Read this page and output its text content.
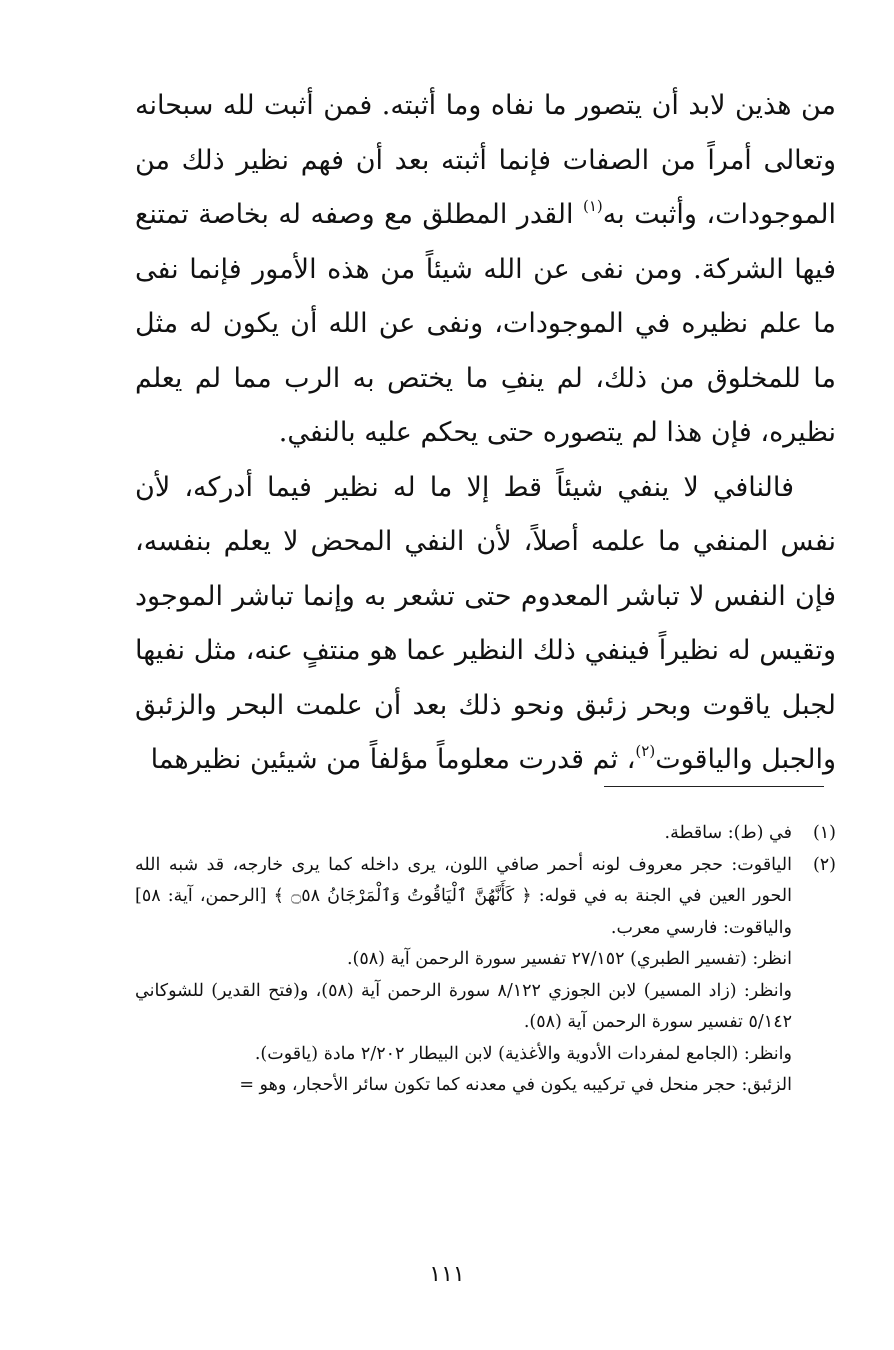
من هذين لابد أن يتصور ما نفاه وما أثبته. فمن أثبت لله سبحانه وتعالى أمراً من الصفات فإنما أثبته بعد أن فهم نظير ذلك من الموجودات، وأثبت به$^{(١)}$ القدر المطلق مع وصفه له بخاصة تمتنع فيها الشركة. ومن نفى عن الله شيئاً من هذه الأمور فإنما نفى ما علم نظيره في الموجودات، ونفى عن الله أن يكون له مثل ما للمخلوق من ذلك، لم ينفِ ما يختص به الرب مما لم يعلم نظيره، فإن هذا لم يتصوره حتى يحكم عليه بالنفي.

فالنافي لا ينفي شيئاً قط إلا ما له نظير فيما أدركه، لأن نفس المنفي ما علمه أصلاً، لأن النفي المحض لا يعلم بنفسه، فإن النفس لا تباشر المعدوم حتى تشعر به وإنما تباشر الموجود وتقيس له نظيراً فينفي ذلك النظير عما هو منتفٍ عنه، مثل نفيها لجبل ياقوت وبحر زئبق ونحو ذلك بعد أن علمت البحر والزئبق والجبل والياقوت$^{(٢)}$، ثم قدرت معلوماً مؤلفاً من شيئين نظيرهما

(١)
في (ط): ساقطة.
(٢)
الياقوت: حجر معروف لونه أحمر صافي اللون، يرى داخله كما يرى خارجه، قد شبه الله الحور العين في الجنة به في قوله: ﴿ كَأَنَّهُنَّ ٱلْيَاقُوتُ وَٱلْمَرْجَانُ ۝٥٨ ﴾ [الرحمن، آية: ٥٨] والياقوت: فارسي معرب.
انظر: (تفسير الطبري) ٢٧/١٥٢ تفسير سورة الرحمن آية (٥٨).
وانظر: (زاد المسير) لابن الجوزي ٨/١٢٢ سورة الرحمن آية (٥٨)، و(فتح القدير) للشوكاني ٥/١٤٢ تفسير سورة الرحمن آية (٥٨).
وانظر: (الجامع لمفردات الأدوية والأغذية) لابن البيطار ٢/٢٠٢ مادة (ياقوت).
الزئبق: حجر منحل في تركيبه يكون في معدنه كما تكون سائر الأحجار، وهو =
١١١
